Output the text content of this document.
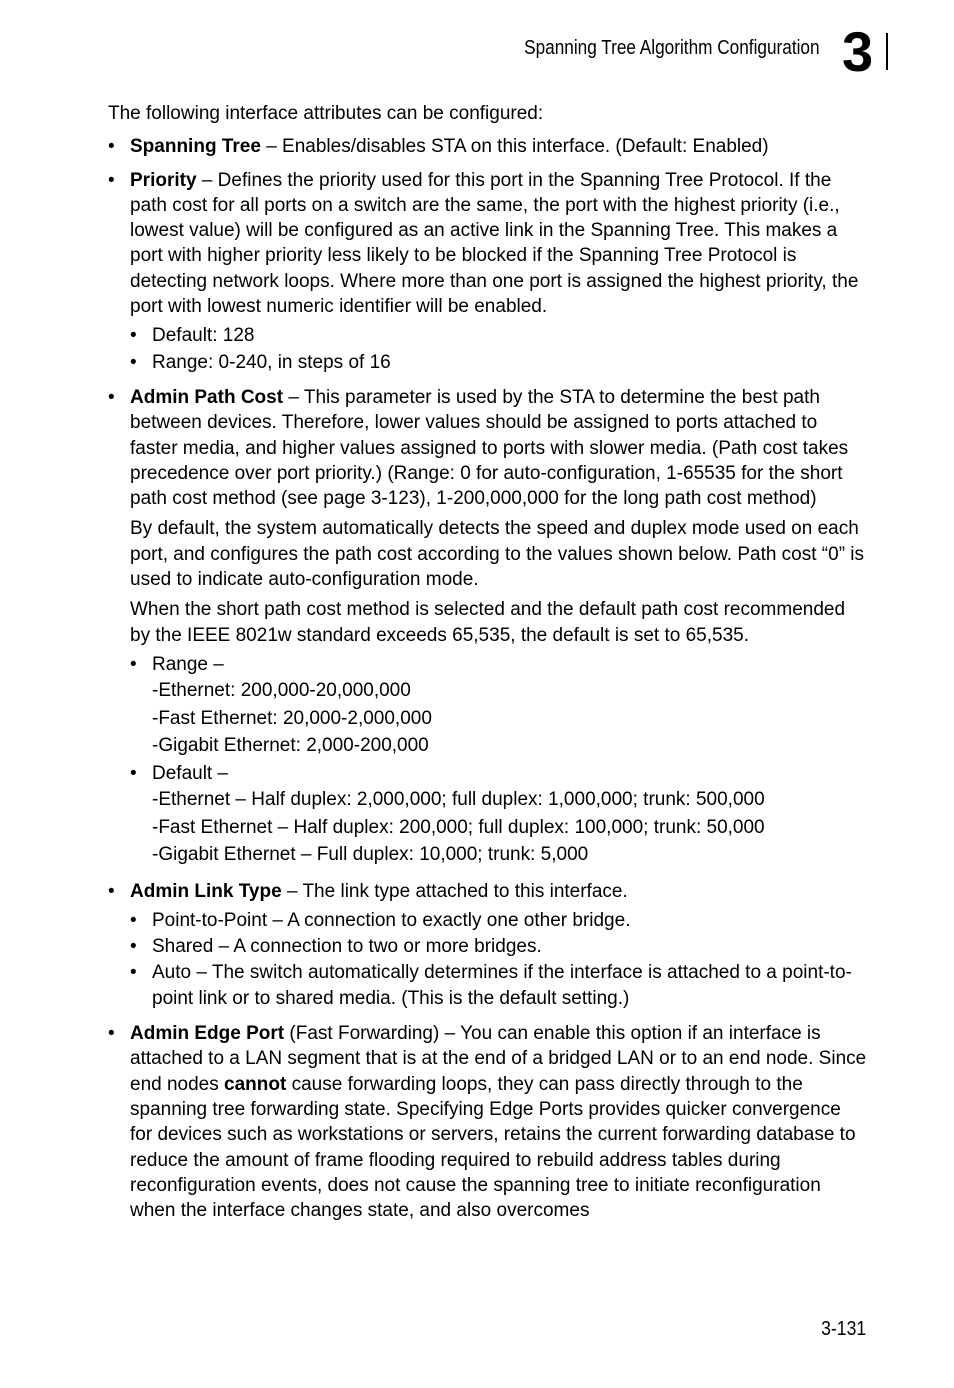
Spanning Tree Algorithm Configuration 3

The following interface attributes can be configured:

• Spanning Tree – Enables/disables STA on this interface. (Default: Enabled)
• Priority – Defines the priority used for this port in the Spanning Tree Protocol. If the path cost for all ports on a switch are the same, the port with the highest priority (i.e., lowest value) will be configured as an active link in the Spanning Tree. This makes a port with higher priority less likely to be blocked if the Spanning Tree Protocol is detecting network loops. Where more than one port is assigned the highest priority, the port with lowest numeric identifier will be enabled.
• Default: 128
• Range: 0-240, in steps of 16
• Admin Path Cost – This parameter is used by the STA to determine the best path between devices. Therefore, lower values should be assigned to ports attached to faster media, and higher values assigned to ports with slower media. (Path cost takes precedence over port priority.) (Range: 0 for auto-configuration, 1-65535 for the short path cost method (see page 3-123), 1-200,000,000 for the long path cost method)

By default, the system automatically detects the speed and duplex mode used on each port, and configures the path cost according to the values shown below. Path cost “0” is used to indicate auto-configuration mode.

When the short path cost method is selected and the default path cost recommended by the IEEE 8021w standard exceeds 65,535, the default is set to 65,535.

• Range –
-Ethernet: 200,000-20,000,000
-Fast Ethernet: 20,000-2,000,000
-Gigabit Ethernet: 2,000-200,000
• Default –
-Ethernet – Half duplex: 2,000,000; full duplex: 1,000,000; trunk: 500,000
-Fast Ethernet – Half duplex: 200,000; full duplex: 100,000; trunk: 50,000
-Gigabit Ethernet – Full duplex: 10,000; trunk: 5,000
• Admin Link Type – The link type attached to this interface.
• Point-to-Point – A connection to exactly one other bridge.
• Shared – A connection to two or more bridges.
• Auto – The switch automatically determines if the interface is attached to a point-to-point link or to shared media. (This is the default setting.)
• Admin Edge Port (Fast Forwarding) – You can enable this option if an interface is attached to a LAN segment that is at the end of a bridged LAN or to an end node. Since end nodes cannot cause forwarding loops, they can pass directly through to the spanning tree forwarding state. Specifying Edge Ports provides quicker convergence for devices such as workstations or servers, retains the current forwarding database to reduce the amount of frame flooding required to rebuild address tables during reconfiguration events, does not cause the spanning tree to initiate reconfiguration when the interface changes state, and also overcomes
3-131
